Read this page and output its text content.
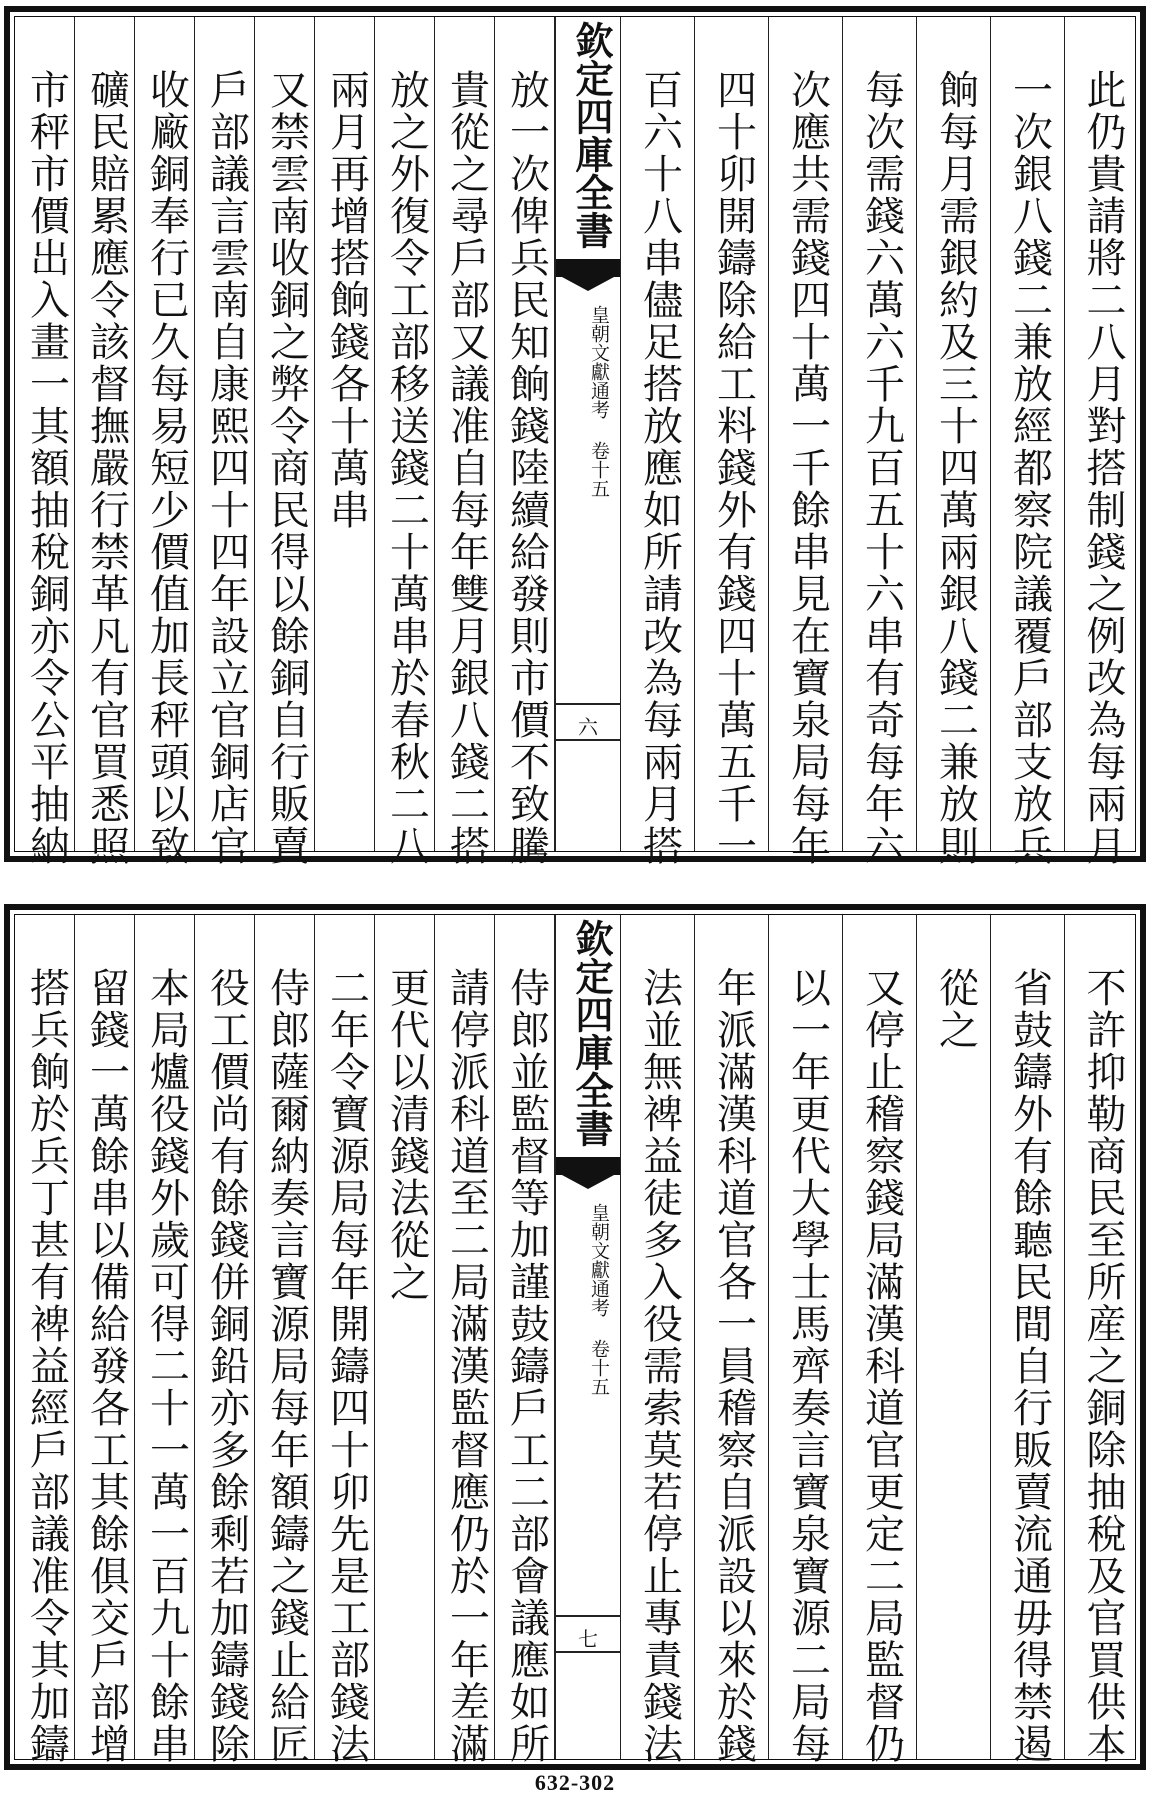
市秤市價出入畫一其額抽稅銅亦令公平抽納 礦民賠累應令該督撫嚴行禁革凡有官買悉照 收廠銅奉行已久每易短少價值加長秤頭以致 戶部議言雲南自康熙四十四年設立官銅店官 又禁雲南收銅之弊令商民得以餘銅自行販賣 兩月再增搭餉錢各十萬串 放之外復令工部移送錢二十萬串於春秋二八 貴從之尋戶部又議准自每年雙月銀八錢二搭 放一次俾兵民知餉錢陸續給發則市價不致騰 欽定四庫全書
皇朝文獻通考 卷十五
六 百六十八串儘足搭放應如所請改為每兩月搭 四十卯開鑄除給工料錢外有錢四十萬五千一 次應共需錢四十萬一千餘串見在寶泉局每年 每次需錢六萬六千九百五十六串有奇每年六 餉每月需銀約及三十四萬兩銀八錢二兼放則 一次銀八錢二兼放經都察院議覆戶部支放兵 此仍貴請將二八月對搭制錢之例改為每兩月
搭兵餉於兵丁甚有裨益經戶部議准令其加鑄 留錢一萬餘串以備給發各工其餘俱交戶部增 本局爐役錢外歲可得二十一萬一百九十餘串 役工價尚有餘錢併銅鉛亦多餘剩若加鑄錢除 侍郎薩爾納奏言寶源局每年額鑄之錢止給匠 二年令寶源局每年開鑄四十卯先是工部錢法 更代以清錢法從之 請停派科道至二局滿漢監督應仍於一年差滿 侍郎並監督等加謹鼓鑄戶工二部會議應如所 欽定四庫全書
皇朝文獻通考 卷十五
七 法並無裨益徒多入役需索莫若停止專責錢法 年派滿漢科道官各一員稽察自派設以來於錢 以一年更代大學士馬齊奏言寶泉寶源二局每 又停止稽察錢局滿漢科道官更定二局監督仍 從之 省鼓鑄外有餘聽民間自行販賣流通毋得禁遏 不許抑勒商民至所産之銅除抽稅及官買供本
632-302
